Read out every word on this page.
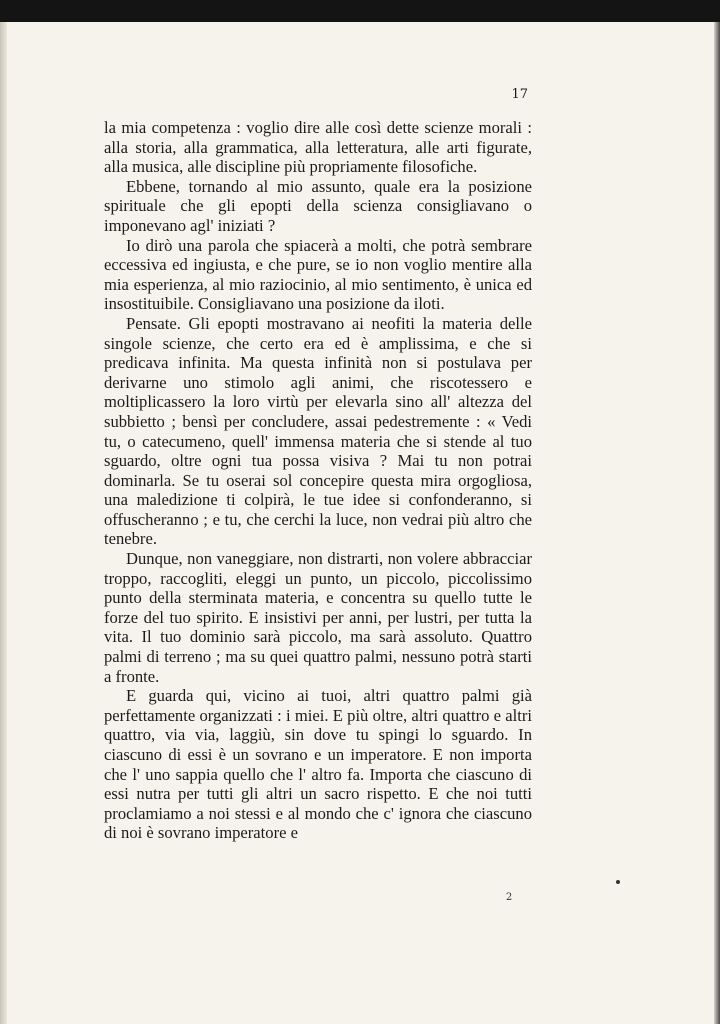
17

la mia competenza : voglio dire alle così dette scienze morali : alla storia, alla grammatica, alla letteratura, alle arti figurate, alla musica, alle discipline più propriamente filosofiche.

Ebbene, tornando al mio assunto, quale era la posizione spirituale che gli epopti della scienza consigliavano o imponevano agl' iniziati ?

Io dirò una parola che spiacerà a molti, che potrà sembrare eccessiva ed ingiusta, e che pure, se io non voglio mentire alla mia esperienza, al mio raziocinio, al mio sentimento, è unica ed insostituibile. Consigliavano una posizione da iloti.

Pensate. Gli epopti mostravano ai neofiti la materia delle singole scienze, che certo era ed è amplissima, e che si predicava infinita. Ma questa infinità non si postulava per derivarne uno stimolo agli animi, che riscotessero e moltiplicassero la loro virtù per elevarla sino all' altezza del subbietto ; bensì per concludere, assai pedestremente : « Vedi tu, o catecumeno, quell' immensa materia che si stende al tuo sguardo, oltre ogni tua possa visiva ? Mai tu non potrai dominarla. Se tu oserai sol concepire questa mira orgogliosa, una maledizione ti colpirà, le tue idee si confonderanno, si offuscheranno ; e tu, che cerchi la luce, non vedrai più altro che tenebre.

Dunque, non vaneggiare, non distrarti, non volere abbracciar troppo, raccogliti, eleggi un punto, un piccolo, piccolissimo punto della sterminata materia, e concentra su quello tutte le forze del tuo spirito. E insistivi per anni, per lustri, per tutta la vita. Il tuo dominio sarà piccolo, ma sarà assoluto. Quattro palmi di terreno ; ma su quei quattro palmi, nessuno potrà starti a fronte.

E guarda qui, vicino ai tuoi, altri quattro palmi già perfettamente organizzati : i miei. E più oltre, altri quattro e altri quattro, via via, laggiù, sin dove tu spingi lo sguardo. In ciascuno di essi è un sovrano e un imperatore. E non importa che l' uno sappia quello che l' altro fa. Importa che ciascuno di essi nutra per tutti gli altri un sacro rispetto. E che noi tutti proclamiamo a noi stessi e al mondo che c' ignora che ciascuno di noi è sovrano imperatore e

2
